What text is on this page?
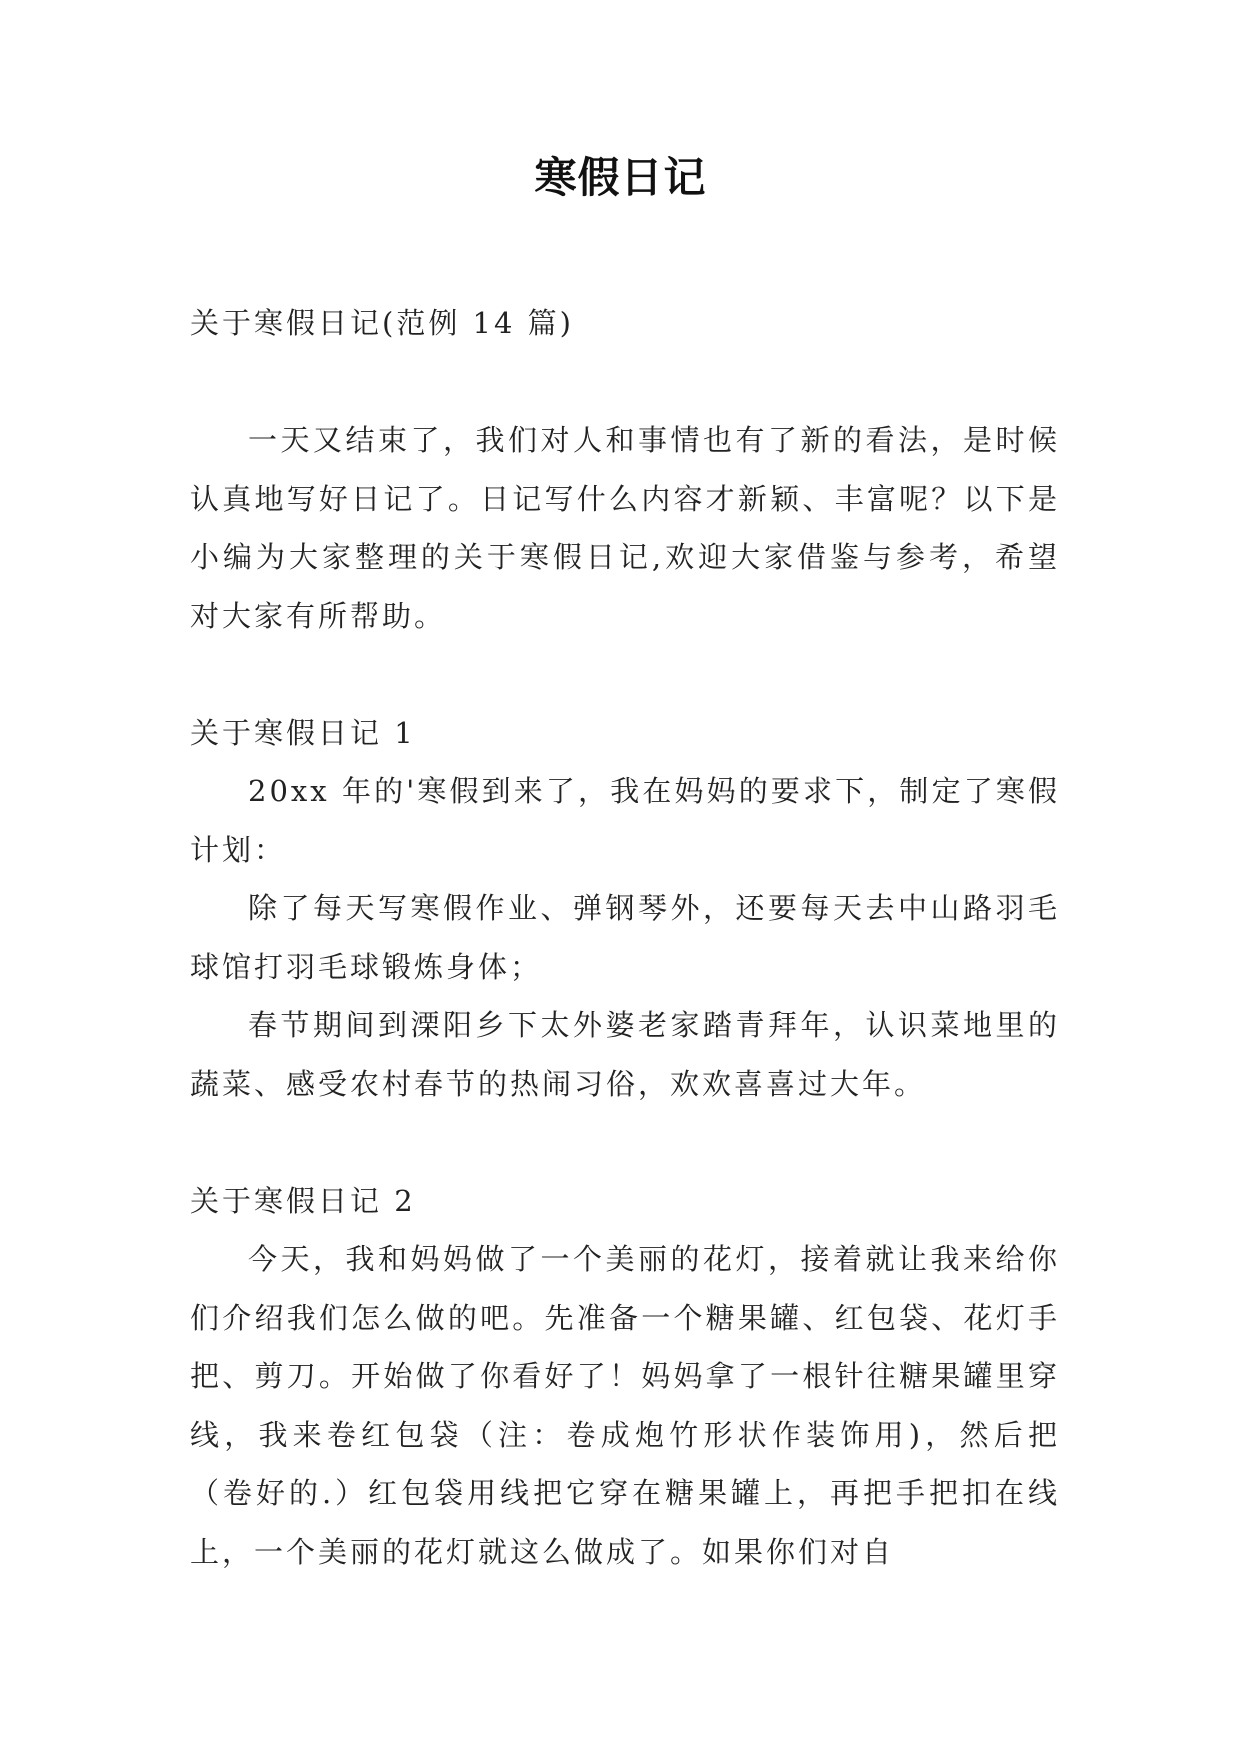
寒假日记

关于寒假日记(范例 14 篇)

一天又结束了，我们对人和事情也有了新的看法，是时候认真地写好日记了。日记写什么内容才新颖、丰富呢？以下是小编为大家整理的关于寒假日记,欢迎大家借鉴与参考，希望对大家有所帮助。

关于寒假日记 1

20xx 年的'寒假到来了，我在妈妈的要求下，制定了寒假计划：

除了每天写寒假作业、弹钢琴外，还要每天去中山路羽毛球馆打羽毛球锻炼身体；

春节期间到溧阳乡下太外婆老家踏青拜年，认识菜地里的蔬菜、感受农村春节的热闹习俗，欢欢喜喜过大年。

关于寒假日记 2

今天，我和妈妈做了一个美丽的花灯，接着就让我来给你们介绍我们怎么做的吧。先准备一个糖果罐、红包袋、花灯手把、剪刀。开始做了你看好了！妈妈拿了一根针往糖果罐里穿线，我来卷红包袋（注：卷成炮竹形状作装饰用)，然后把（卷好的.）红包袋用线把它穿在糖果罐上，再把手把扣在线上，一个美丽的花灯就这么做成了。如果你们对自
